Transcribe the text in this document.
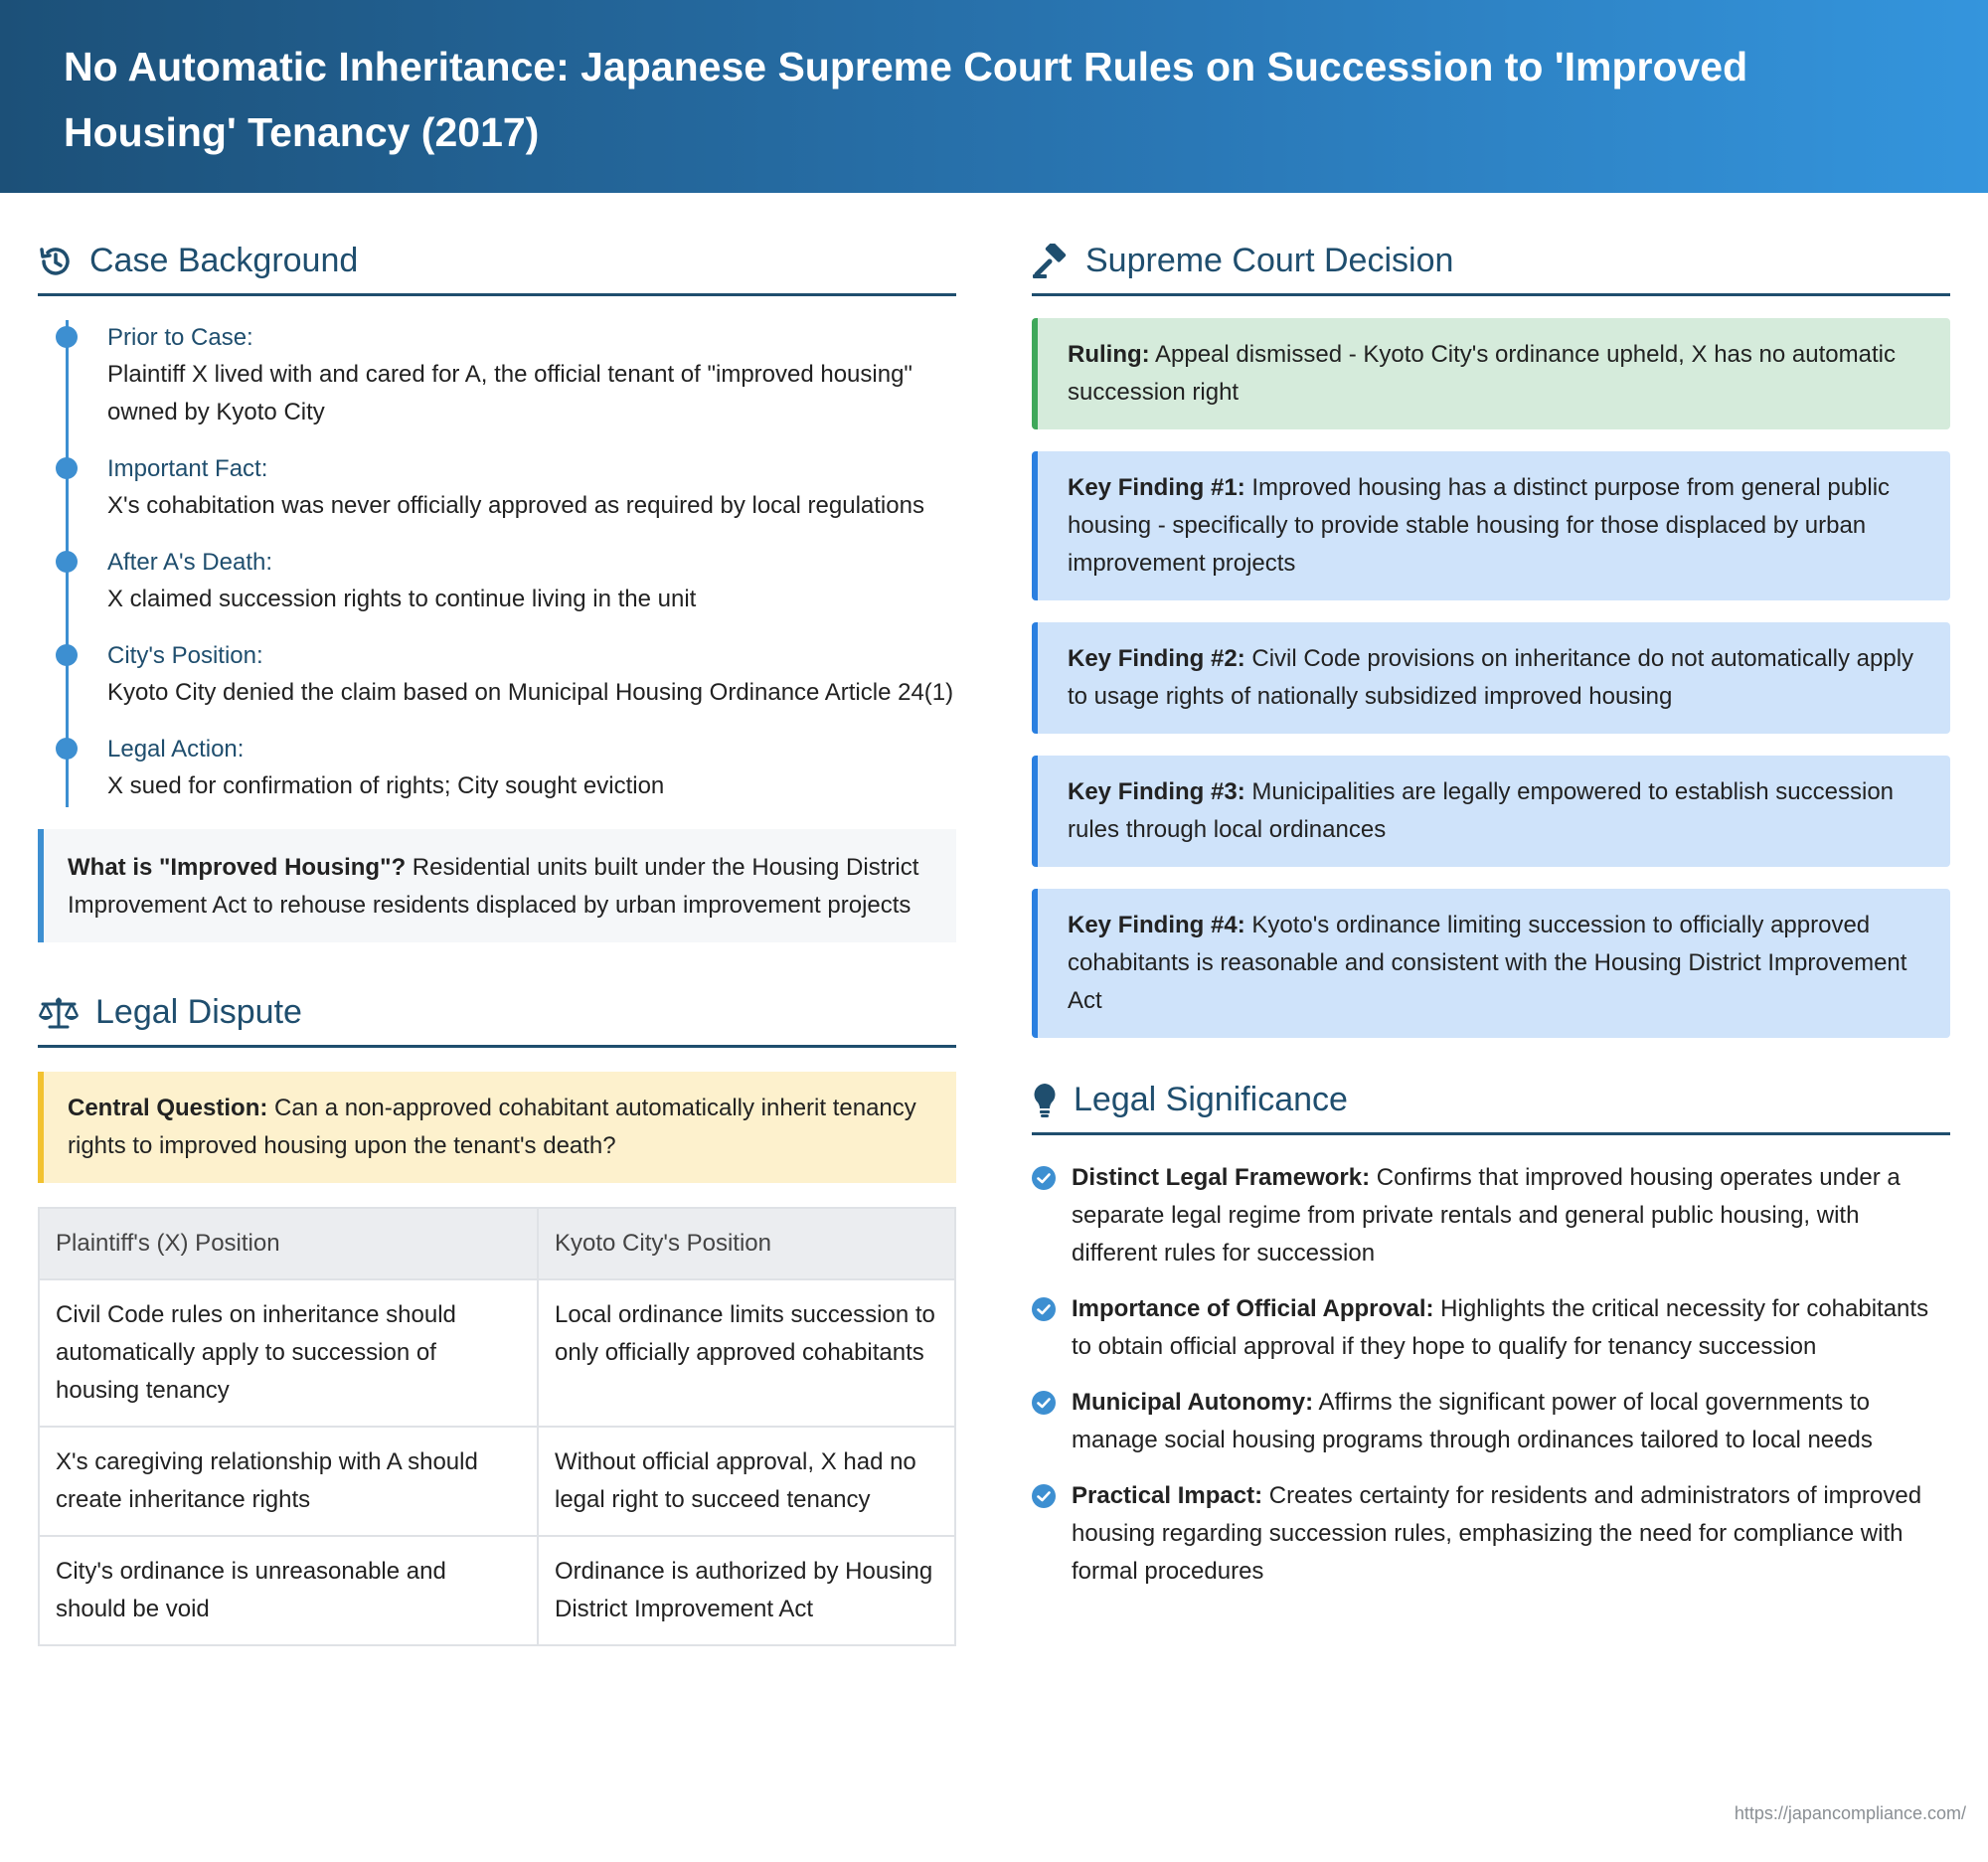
No Automatic Inheritance: Japanese Supreme Court Rules on Succession to 'Improved Housing' Tenancy (2017)
Case Background
Prior to Case:
Plaintiff X lived with and cared for A, the official tenant of "improved housing" owned by Kyoto City
Important Fact:
X's cohabitation was never officially approved as required by local regulations
After A's Death:
X claimed succession rights to continue living in the unit
City's Position:
Kyoto City denied the claim based on Municipal Housing Ordinance Article 24(1)
Legal Action:
X sued for confirmation of rights; City sought eviction
What is "Improved Housing"? Residential units built under the Housing District Improvement Act to rehouse residents displaced by urban improvement projects
Legal Dispute
Central Question: Can a non-approved cohabitant automatically inherit tenancy rights to improved housing upon the tenant's death?
Plaintiff's (X) Position	Kyoto City's Position
Civil Code rules on inheritance should automatically apply to succession of housing tenancy	Local ordinance limits succession to only officially approved cohabitants
X's caregiving relationship with A should create inheritance rights	Without official approval, X had no legal right to succeed tenancy
City's ordinance is unreasonable and should be void	Ordinance is authorized by Housing District Improvement Act
Supreme Court Decision
Ruling: Appeal dismissed - Kyoto City's ordinance upheld, X has no automatic succession right
Key Finding #1: Improved housing has a distinct purpose from general public housing - specifically to provide stable housing for those displaced by urban improvement projects
Key Finding #2: Civil Code provisions on inheritance do not automatically apply to usage rights of nationally subsidized improved housing
Key Finding #3: Municipalities are legally empowered to establish succession rules through local ordinances
Key Finding #4: Kyoto's ordinance limiting succession to officially approved cohabitants is reasonable and consistent with the Housing District Improvement Act
Legal Significance
Distinct Legal Framework: Confirms that improved housing operates under a separate legal regime from private rentals and general public housing, with different rules for succession
Importance of Official Approval: Highlights the critical necessity for cohabitants to obtain official approval if they hope to qualify for tenancy succession
Municipal Autonomy: Affirms the significant power of local governments to manage social housing programs through ordinances tailored to local needs
Practical Impact: Creates certainty for residents and administrators of improved housing regarding succession rules, emphasizing the need for compliance with formal procedures
https://japancompliance.com/
